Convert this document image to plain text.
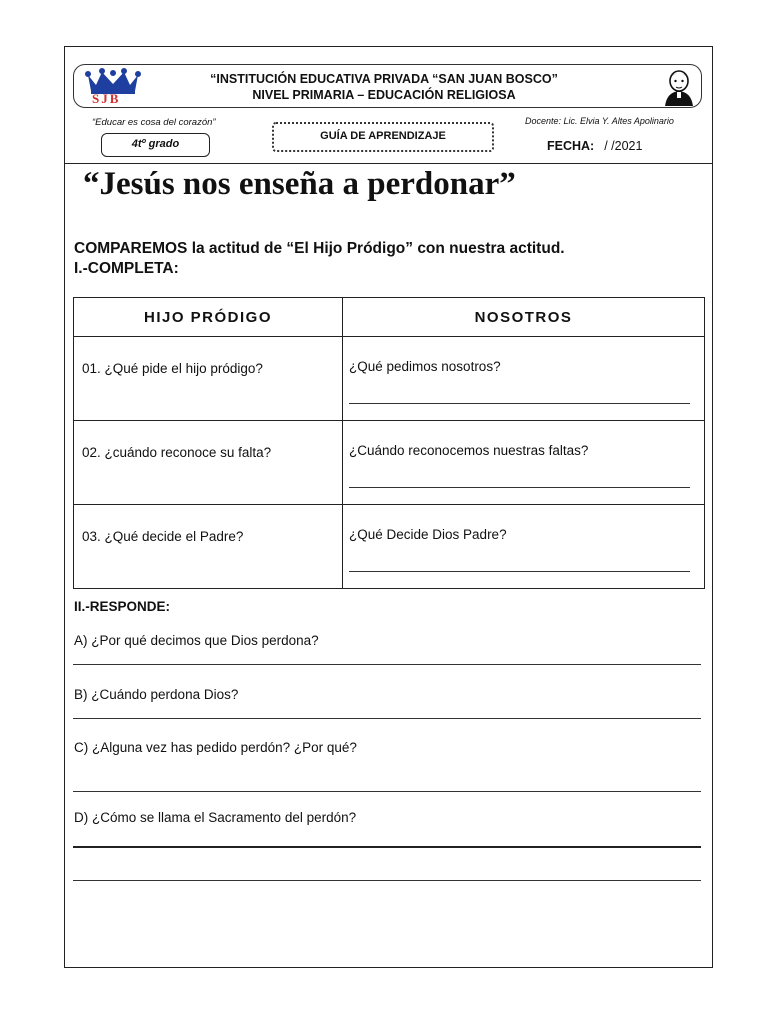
SJB
“INSTITUCIÓN EDUCATIVA PRIVADA “SAN JUAN BOSCO”
NIVEL PRIMARIA – EDUCACIÓN RELIGIOSA
“Educar es cosa del corazón”
4tº grado
GUÍA DE APRENDIZAJE
Docente: Lic. Elvia Y. Altes Apolinario
FECHA: / /2021
“Jesús nos enseña a perdonar”
COMPAREMOS la actitud de “El Hijo Pródigo” con nuestra actitud.
I.-COMPLETA:
HIJO PRÓDIGO	NOSOTROS

01. ¿Qué pide el hijo pródigo?	¿Qué pedimos nosotros?

02. ¿cuándo reconoce su falta?	¿Cuándo reconocemos nuestras faltas?

03. ¿Qué decide el Padre?	¿Qué Decide Dios Padre?
II.-RESPONDE:
A) ¿Por qué decimos que Dios perdona?
B) ¿Cuándo perdona Dios?
C) ¿Alguna vez has pedido perdón? ¿Por qué?
D) ¿Cómo se llama el Sacramento del perdón?
